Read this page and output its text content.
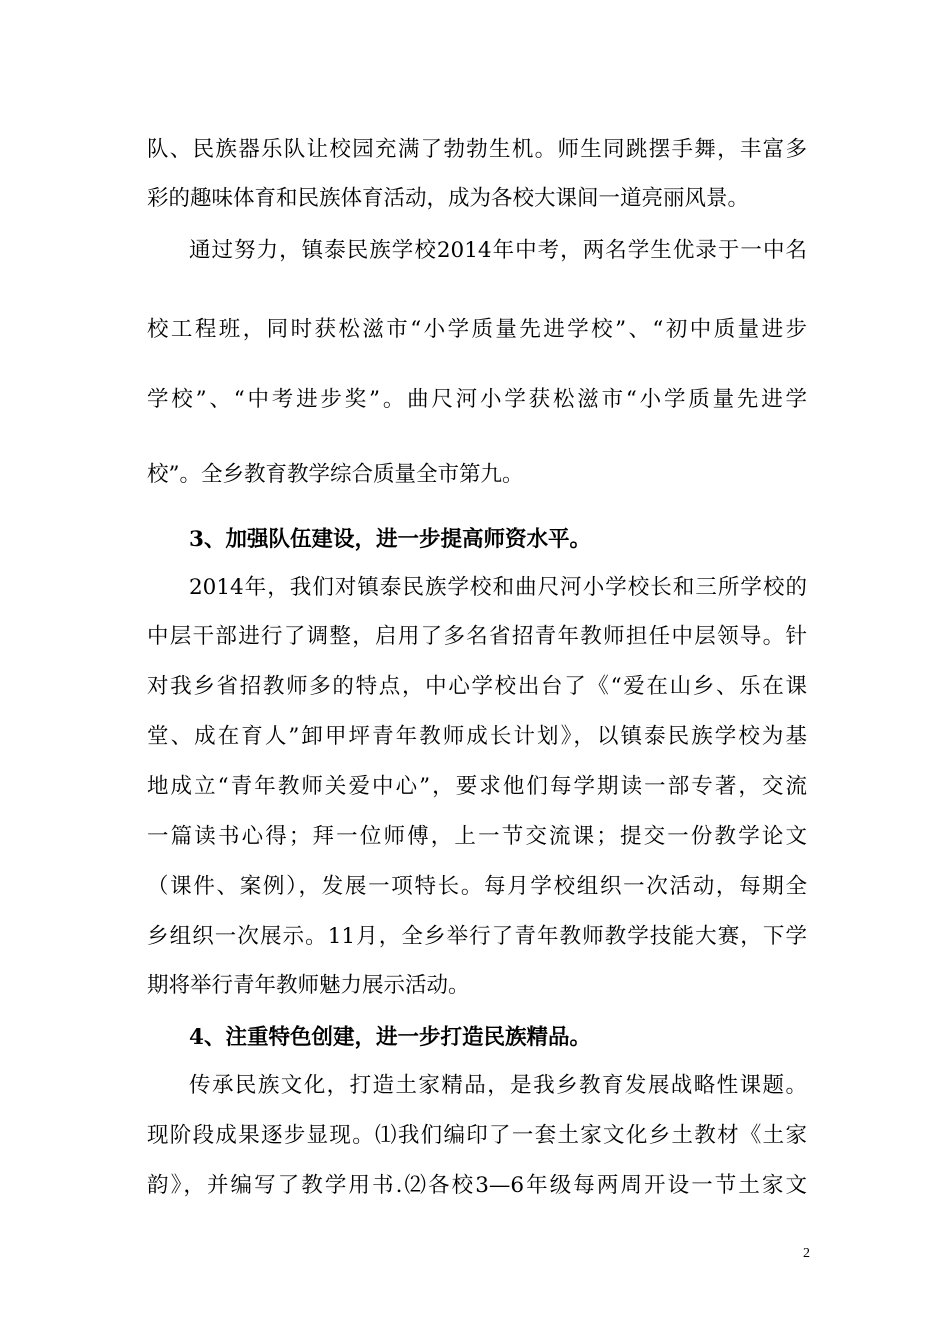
队、民族器乐队让校园充满了勃勃生机。师生同跳摆手舞，丰富多
彩的趣味体育和民族体育活动，成为各校大课间一道亮丽风景。
通过努力，镇泰民族学校2014年中考，两名学生优录于一中名
校工程班，同时获松滋市“小学质量先进学校”、“初中质量进步
学校”、“中考进步奖”。曲尺河小学获松滋市“小学质量先进学
校”。全乡教育教学综合质量全市第九。
3、加强队伍建设，进一步提高师资水平。
2014年，我们对镇泰民族学校和曲尺河小学校长和三所学校的
中层干部进行了调整，启用了多名省招青年教师担任中层领导。针
对我乡省招教师多的特点，中心学校出台了《“爱在山乡、乐在课
堂、成在育人”卸甲坪青年教师成长计划》，以镇泰民族学校为基
地成立“青年教师关爱中心”，要求他们每学期读一部专著，交流
一篇读书心得；拜一位师傅，上一节交流课；提交一份教学论文
（课件、案例），发展一项特长。每月学校组织一次活动，每期全
乡组织一次展示。11月，全乡举行了青年教师教学技能大赛，下学
期将举行青年教师魅力展示活动。
4、注重特色创建，进一步打造民族精品。
传承民族文化，打造土家精品，是我乡教育发展战略性课题。
现阶段成果逐步显现。⑴我们编印了一套土家文化乡土教材《土家
韵》，并编写了教学用书.⑵各校3—6年级每两周开设一节土家文
2
